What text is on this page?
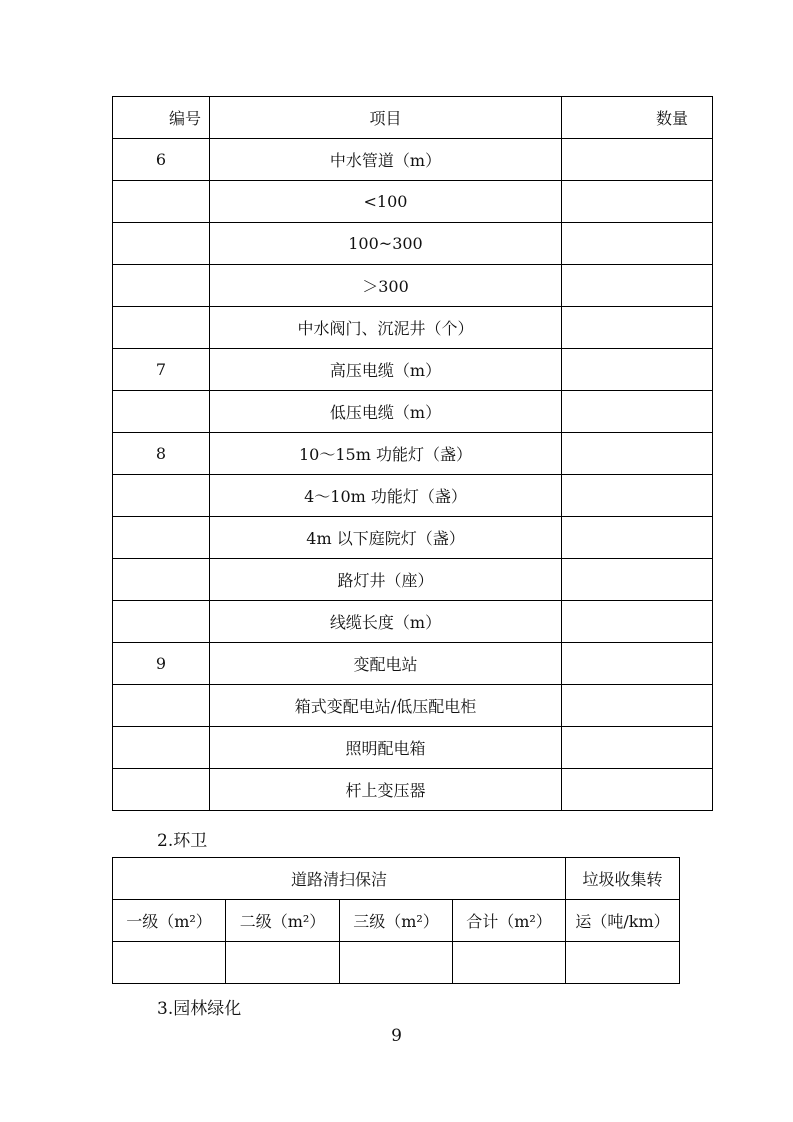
编号	项目	数量
6	中水管道（m）	
	<100	
	100~300	
	＞300	
	中水阀门、沉泥井（个）	
7	高压电缆（m）	
	低压电缆（m）	
8	10～15m 功能灯（盏）	
	4～10m 功能灯（盏）	
	4m 以下庭院灯（盏）	
	路灯井（座）	
	线缆长度（m）	
9	变配电站	
	箱式变配电站/低压配电柜	
	照明配电箱	
	杆上变压器	
2.环卫
道路清扫保洁				垃圾收集转
一级（m²）	二级（m²）	三级（m²）	合计（m²）	运（吨/km）

3.园林绿化
9
